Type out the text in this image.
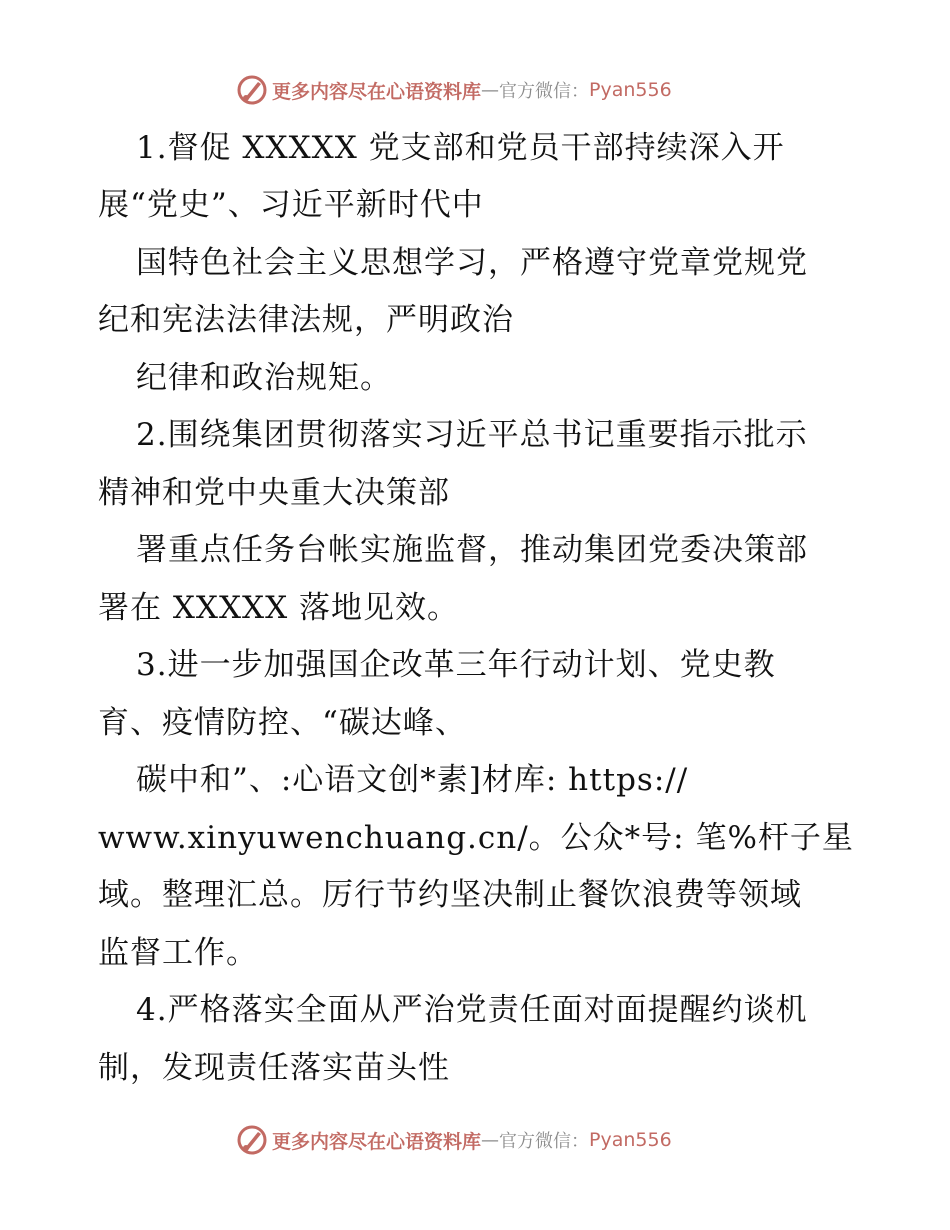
更多内容尽在心语资料库 — 官方微信： Pyan556
1.督促 XXXXX 党支部和党员干部持续深入开
展“党史”、习近平新时代中
国特色社会主义思想学习，严格遵守党章党规党
纪和宪法法律法规，严明政治
纪律和政治规矩。
2.围绕集团贯彻落实习近平总书记重要指示批示
精神和党中央重大决策部
署重点任务台帐实施监督，推动集团党委决策部
署在 XXXXX 落地见效。
3.进一步加强国企改革三年行动计划、党史教
育、疫情防控、“碳达峰、
碳中和”、:心语文创*素]材库: https://
www.xinyuwenchuang.cn/。公众*号: 笔%杆子星
域。整理汇总。厉行节约坚决制止餐饮浪费等领域
监督工作。
4.严格落实全面从严治党责任面对面提醒约谈机
制，发现责任落实苗头性
更多内容尽在心语资料库 — 官方微信： Pyan556
